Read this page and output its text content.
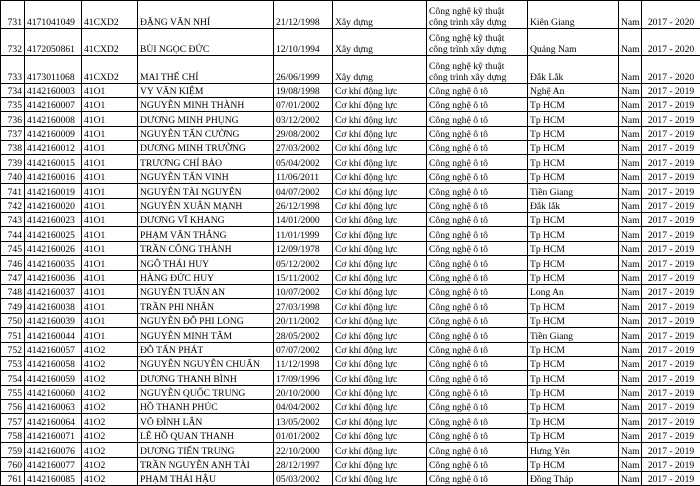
731	4171041049	41CXD2	ĐẶNG VĂN NHÍ	21/12/1998	Xây dựng	Công nghệ kỹ thuật công trình xây dựng	Kiên Giang	Nam	2017 - 2020
732	4172050861	41CXD2	BÙI NGỌC ĐỨC	12/10/1994	Xây dựng	Công nghệ kỹ thuật công trình xây dựng	Quảng Nam	Nam	2017 - 2020
733	4173011068	41CXD2	MAI THẾ CHÍ	26/06/1999	Xây dựng	Công nghệ kỹ thuật công trình xây dựng	Đắk Lắk	Nam	2017 - 2020
734	4142160003	41O1	VY VĂN KIỆM	19/08/1998	Cơ khí động lực	Công nghệ ô tô	Nghệ An	Nam	2017 - 2019
735	4142160007	41O1	NGUYỄN MINH THÀNH	07/01/2002	Cơ khí động lực	Công nghệ ô tô	Tp HCM	Nam	2017 - 2019
736	4142160008	41O1	DƯƠNG MINH PHỤNG	03/12/2002	Cơ khí động lực	Công nghệ ô tô	Tp HCM	Nam	2017 - 2019
737	4142160009	41O1	NGUYỄN TẤN CƯỜNG	29/08/2002	Cơ khí động lực	Công nghệ ô tô	Tp HCM	Nam	2017 - 2019
738	4142160012	41O1	DƯƠNG MINH TRƯỜNG	27/03/2002	Cơ khí động lực	Công nghệ ô tô	Tp HCM	Nam	2017 - 2019
739	4142160015	41O1	TRƯƠNG CHÍ BẢO	05/04/2002	Cơ khí động lực	Công nghệ ô tô	Tp HCM	Nam	2017 - 2019
740	4142160016	41O1	NGUYỄN TẤN VINH	11/06/2011	Cơ khí động lực	Công nghệ ô tô	Tp HCM	Nam	2017 - 2019
741	4142160019	41O1	NGUYỄN TÀI NGUYÊN	04/07/2002	Cơ khí động lực	Công nghệ ô tô	Tiền Giang	Nam	2017 - 2019
742	4142160020	41O1	NGUYỄN XUÂN MẠNH	26/12/1998	Cơ khí động lực	Công nghệ ô tô	Đắk lắk	Nam	2017 - 2019
743	4142160023	41O1	DƯƠNG VĨ KHANG	14/01/2000	Cơ khí động lực	Công nghệ ô tô	Tp HCM	Nam	2017 - 2019
744	4142160025	41O1	PHẠM VĂN THẮNG	11/01/1999	Cơ khí động lực	Công nghệ ô tô	Tp HCM	Nam	2017 - 2019
745	4142160026	41O1	TRẦN CÔNG THÀNH	12/09/1978	Cơ khí động lực	Công nghệ ô tô	Tp HCM	Nam	2017 - 2019
746	4142160035	41O1	NGÔ THÁI HUY	05/12/2002	Cơ khí động lực	Công nghệ ô tô	Tp HCM	Nam	2017 - 2019
747	4142160036	41O1	HÀNG ĐỨC HUY	15/11/2002	Cơ khí động lực	Công nghệ ô tô	Tp HCM	Nam	2017 - 2019
748	4142160037	41O1	NGUYỄN TUẤN AN	10/07/2002	Cơ khí động lực	Công nghệ ô tô	Long An	Nam	2017 - 2019
749	4142160038	41O1	TRẦN PHI NHÂN	27/03/1998	Cơ khí động lực	Công nghệ ô tô	Tp HCM	Nam	2017 - 2019
750	4142160039	41O1	NGUYỄN ĐỖ PHI LONG	20/11/2002	Cơ khí động lực	Công nghệ ô tô	Tp HCM	Nam	2017 - 2019
751	4142160044	41O1	NGUYỄN MINH TÂM	28/05/2002	Cơ khí động lực	Công nghệ ô tô	Tiền Giang	Nam	2017 - 2019
752	4142160057	41O2	ĐỖ TẤN PHÁT	07/07/2002	Cơ khí động lực	Công nghệ ô tô	Tp HCM	Nam	2017 - 2019
753	4142160058	41O2	NGUYỄN NGUYỄN CHUẨN	11/12/1998	Cơ khí động lực	Công nghệ ô tô	Tp HCM	Nam	2017 - 2019
754	4142160059	41O2	DƯƠNG THANH BÌNH	17/09/1996	Cơ khí động lực	Công nghệ ô tô	Tp HCM	Nam	2017 - 2019
755	4142160060	41O2	NGUYỄN QUỐC TRUNG	20/10/2000	Cơ khí động lực	Công nghệ ô tô	Tp HCM	Nam	2017 - 2019
756	4142160063	41O2	HỒ THANH PHÚC	04/04/2002	Cơ khí động lực	Công nghệ ô tô	Tp HCM	Nam	2017 - 2019
757	4142160064	41O2	VÕ ĐÌNH LÂN	13/05/2002	Cơ khí động lực	Công nghệ ô tô	Tp HCM	Nam	2017 - 2019
758	4142160071	41O2	LÊ HỒ QUAN THANH	01/01/2002	Cơ khí động lực	Công nghệ ô tô	Tp HCM	Nam	2017 - 2019
759	4142160076	41O2	DƯƠNG TIẾN TRUNG	22/10/2000	Cơ khí động lực	Công nghệ ô tô	Hưng Yên	Nam	2017 - 2019
760	4142160077	41O2	TRẦN NGUYỄN ANH TÀI	28/12/1997	Cơ khí động lực	Công nghệ ô tô	Tp HCM	Nam	2017 - 2019
761	4142160085	41O2	PHẠM THÁI HẬU	05/03/2002	Cơ khí động lực	Công nghệ ô tô	Đồng Tháp	Nam	2017 - 2019
